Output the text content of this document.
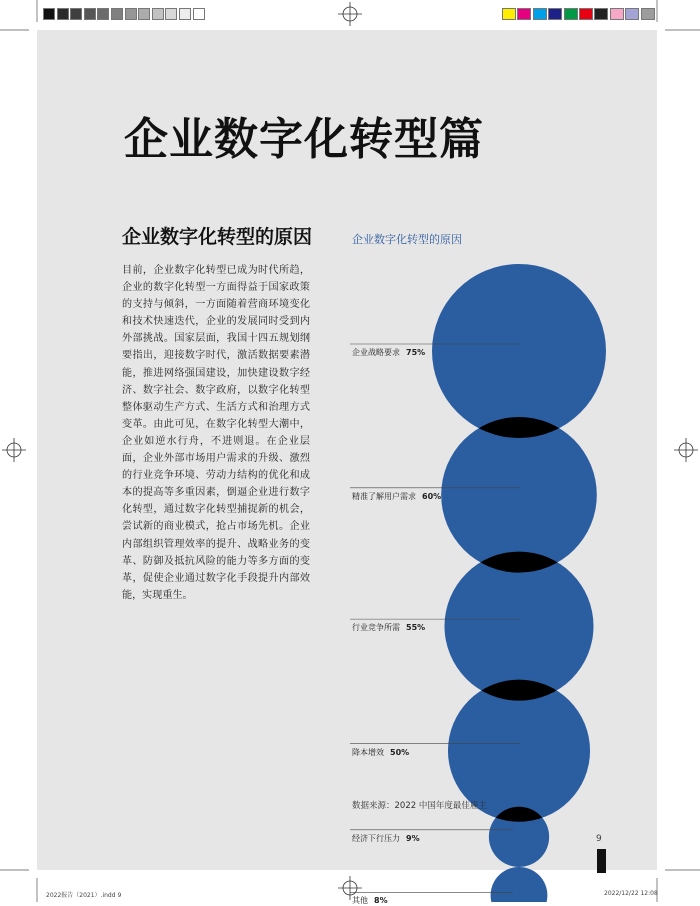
企业数字化转型篇
企业数字化转型的原因
目前，企业数字化转型已成为时代所趋，企业的数字化转型一方面得益于国家政策的支持与倾斜，一方面随着营商环境变化和技术快速迭代，企业的发展同时受到内外部挑战。国家层面，我国十四五规划纲要指出，迎接数字时代，激活数据要素潜能，推进网络强国建设，加快建设数字经济、数字社会、数字政府，以数字化转型整体驱动生产方式、生活方式和治理方式变革。由此可见，在数字化转型大潮中，企业如逆水行舟，不进则退。在企业层面，企业外部市场用户需求的升级、激烈的行业竞争环境、劳动力结构的优化和成本的提高等多重因素，倒逼企业进行数字化转型，通过数字化转型捕捉新的机会，尝试新的商业模式，抢占市场先机。企业内部组织管理效率的提升、战略业务的变革、防御及抵抗风险的能力等多方面的变革，促使企业通过数字化手段提升内部效能，实现重生。
企业数字化转型的原因
企业战略要求 75%
精准了解用户需求 60%
行业竞争所需 55%
降本增效 50%
经济下行压力 9%
其他 8%
数据来源：2022 中国年度最佳雇主
9
2022报告（2021）.indd 9	2022/12/22 12:08
